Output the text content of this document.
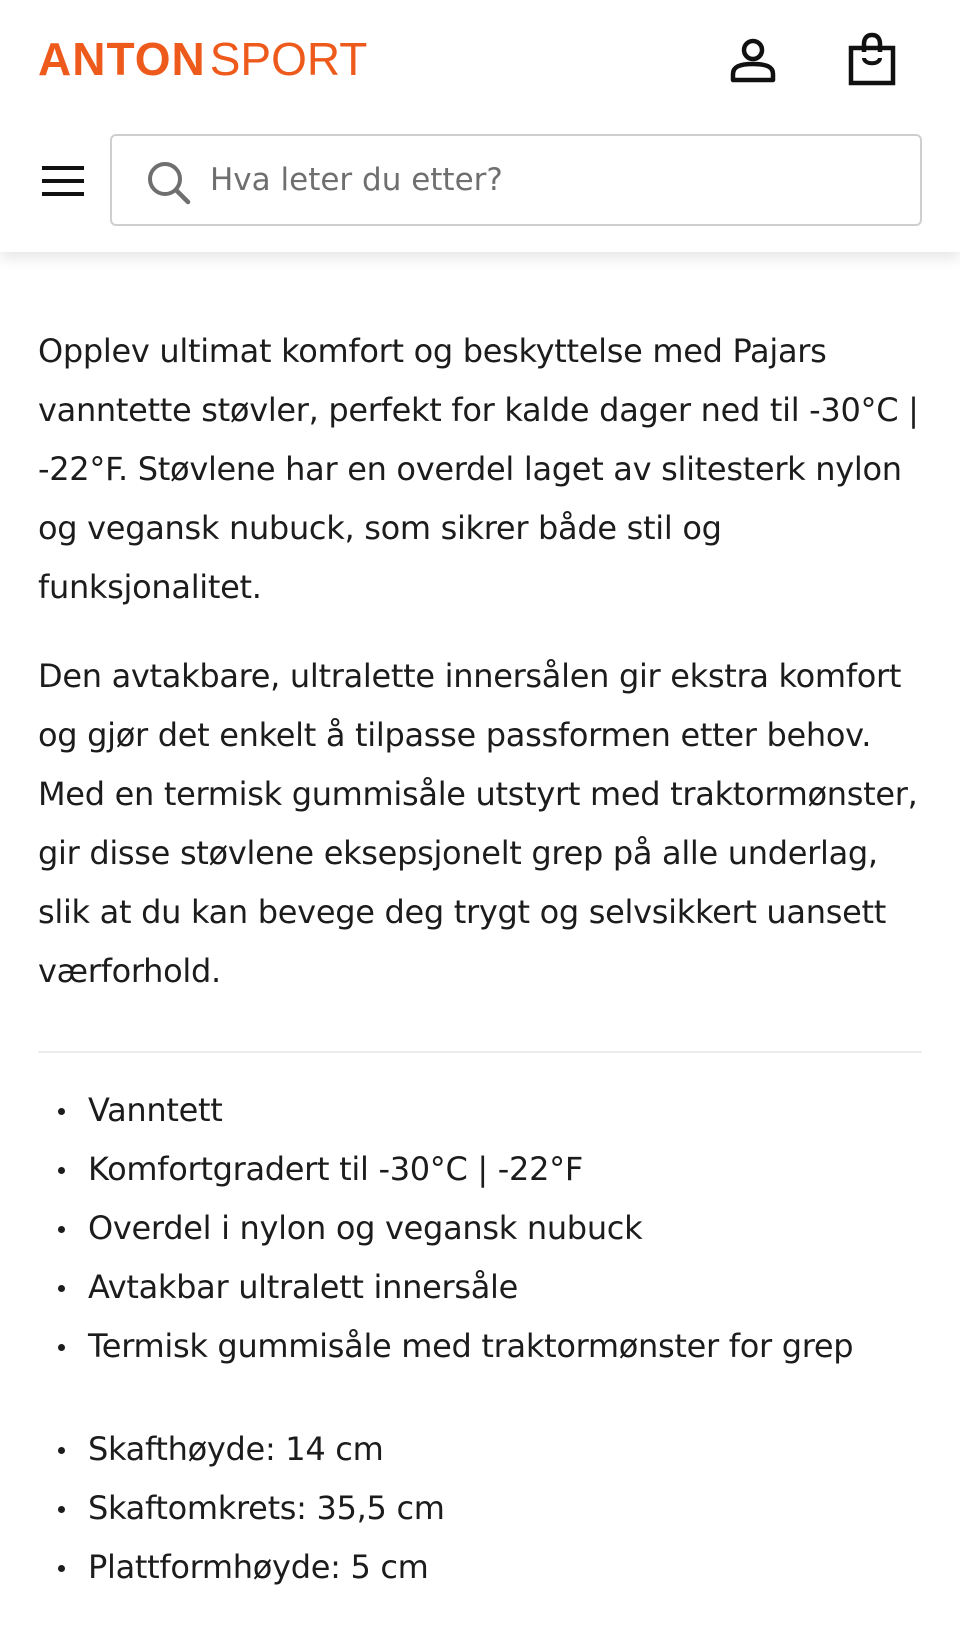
ANTON SPORT
Hva leter du etter?

Opplev ultimat komfort og beskyttelse med Pajars vanntette støvler, perfekt for kalde dager ned til -30°C | -22°F. Støvlene har en overdel laget av slitesterk nylon og vegansk nubuck, som sikrer både stil og funksjonalitet.

Den avtakbare, ultralette innersålen gir ekstra komfort og gjør det enkelt å tilpasse passformen etter behov. Med en termisk gummisåle utstyrt med traktormønster, gir disse støvlene eksepsjonelt grep på alle underlag, slik at du kan bevege deg trygt og selvsikkert uansett værforhold.

Vanntett
Komfortgradert til -30°C | -22°F
Overdel i nylon og vegansk nubuck
Avtakbar ultralett innersåle
Termisk gummisåle med traktormønster for grep
Skafthøyde: 14 cm
Skaftomkrets: 35,5 cm
Plattformhøyde: 5 cm
